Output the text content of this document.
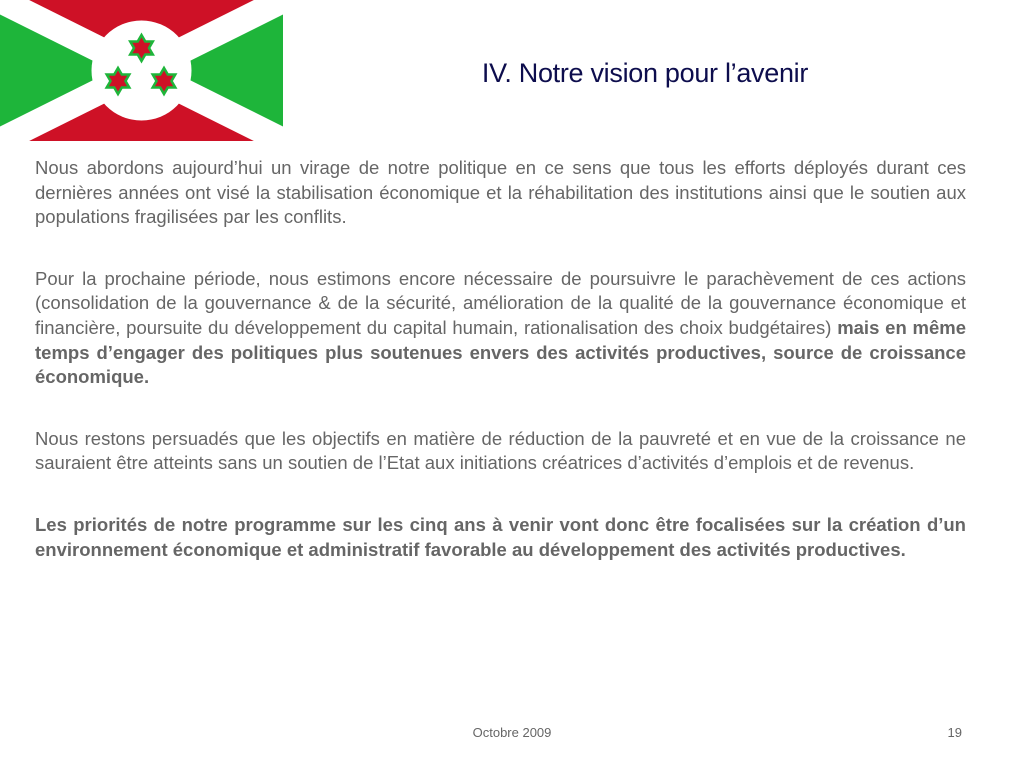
IV. Notre vision pour l’avenir

Nous abordons aujourd’hui un virage de notre politique en ce sens que tous les efforts déployés durant ces dernières années ont visé la stabilisation économique et la réhabilitation des institutions ainsi que le soutien aux populations fragilisées par les conflits.

Pour la prochaine période, nous estimons encore nécessaire de poursuivre le parachèvement de ces actions (consolidation de la gouvernance & de la sécurité, amélioration de la qualité de la gouvernance économique et financière, poursuite du développement du capital humain, rationalisation des choix budgétaires) mais en même temps d’engager des politiques plus soutenues envers des activités productives, source de croissance économique.

Nous restons persuadés que les objectifs en matière de réduction de la pauvreté et en vue de la croissance ne sauraient être atteints sans un soutien de l’Etat aux initiations créatrices d’activités d’emplois et de revenus.

Les priorités de notre programme sur les cinq ans à venir vont donc être focalisées sur la création d’un environnement économique et administratif favorable au développement des activités productives.

Octobre 2009	19
